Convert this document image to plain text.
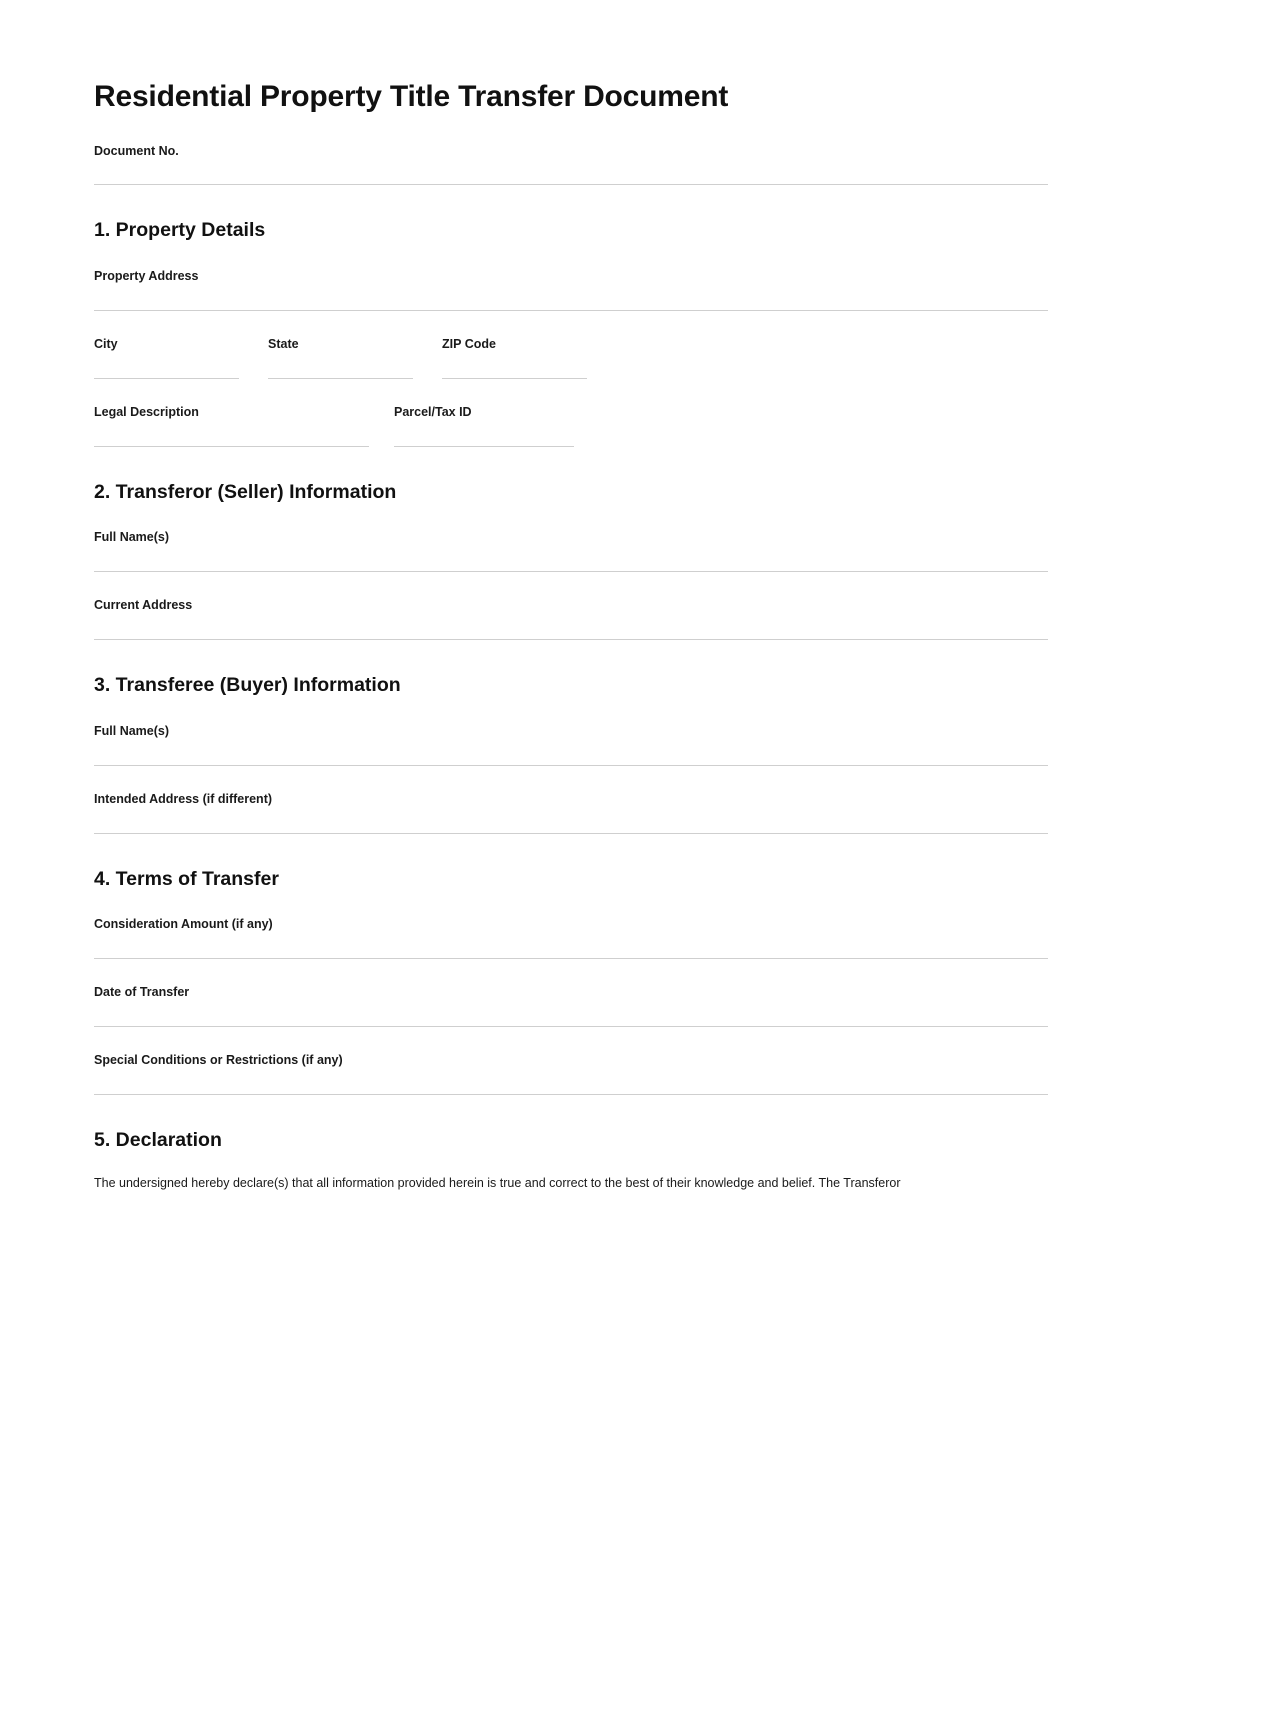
Residential Property Title Transfer Document
Document No.
1. Property Details
Property Address
City	State	ZIP Code
Legal Description	Parcel/Tax ID
2. Transferor (Seller) Information
Full Name(s)
Current Address
3. Transferee (Buyer) Information
Full Name(s)
Intended Address (if different)
4. Terms of Transfer
Consideration Amount (if any)
Date of Transfer
Special Conditions or Restrictions (if any)
5. Declaration

The undersigned hereby declare(s) that all information provided herein is true and correct to the best of their knowledge and belief. The Transferor
